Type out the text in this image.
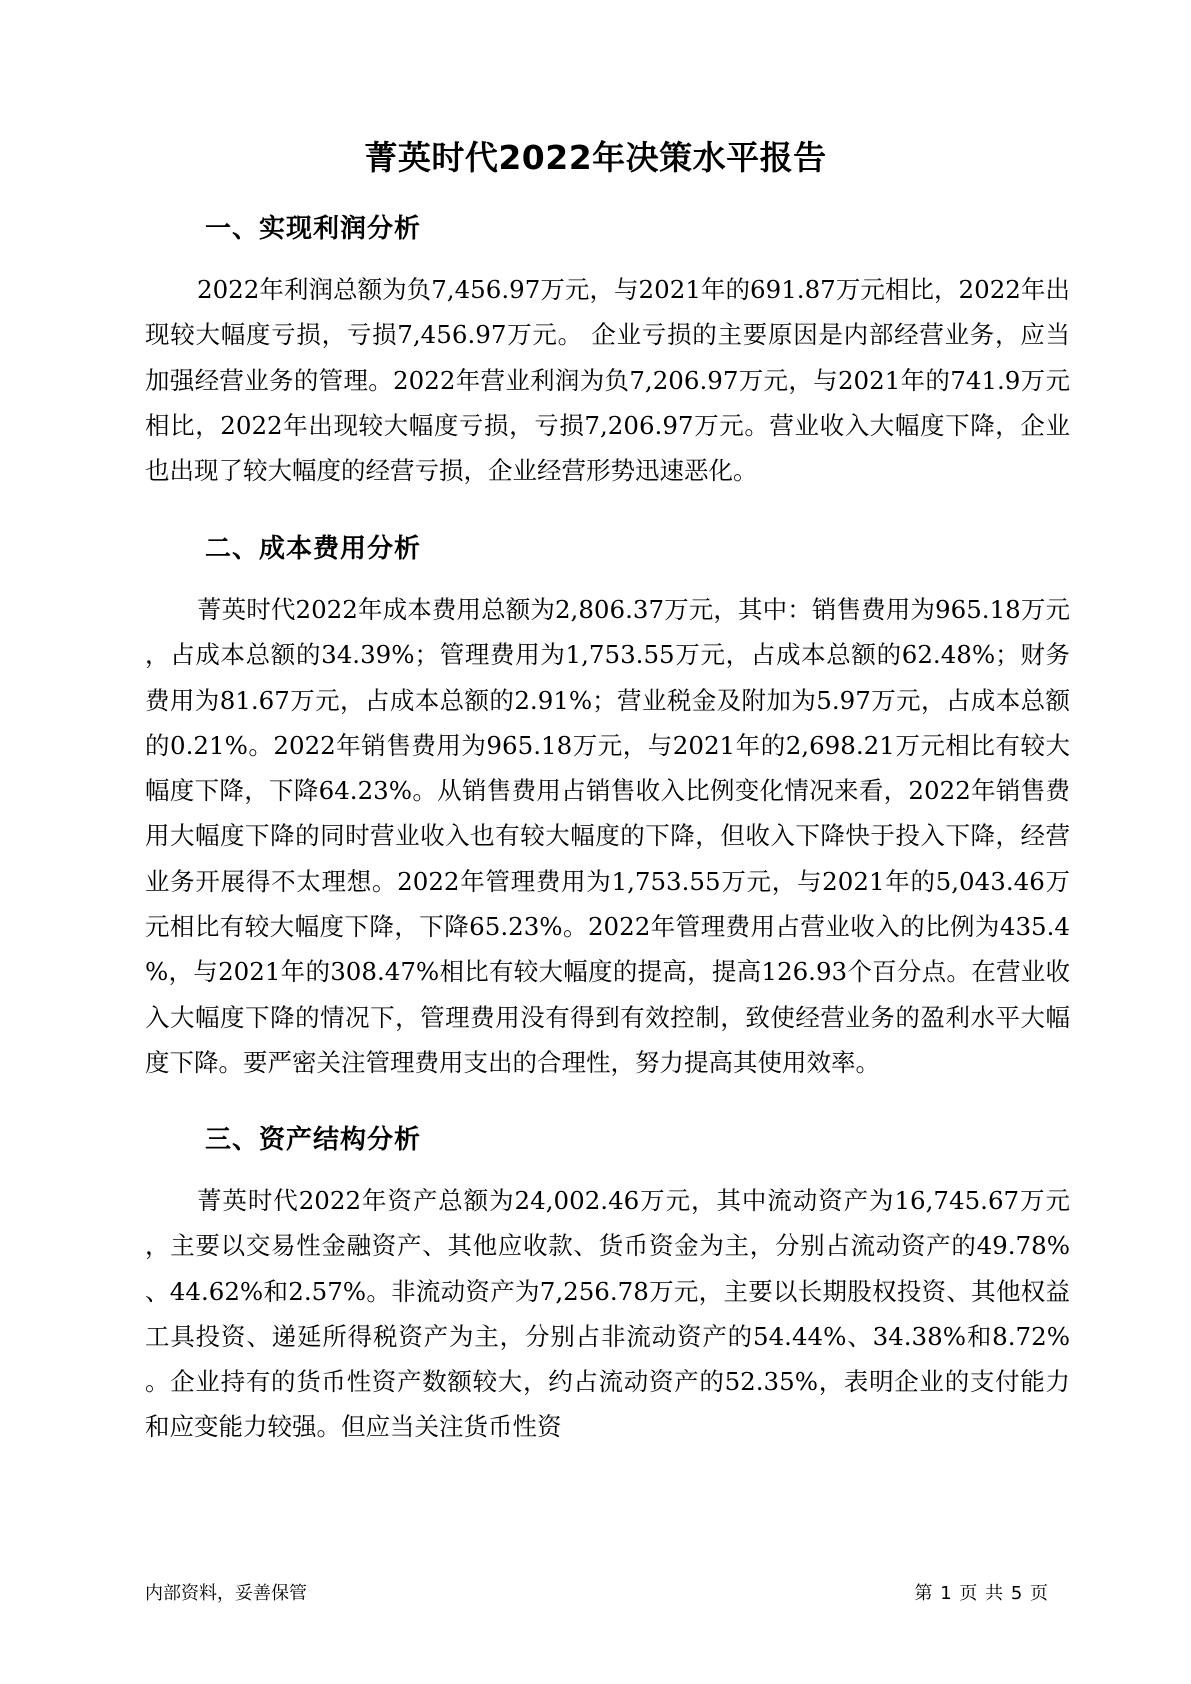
菁英时代2022年决策水平报告
一、实现利润分析

2022年利润总额为负7,456.97万元，与2021年的691.87万元相比，2022年出现较大幅度亏损，亏损7,456.97万元。 企业亏损的主要原因是内部经营业务，应当加强经营业务的管理。2022年营业利润为负7,206.97万元，与2021年的741.9万元相比，2022年出现较大幅度亏损，亏损7,206.97万元。营业收入大幅度下降，企业也出现了较大幅度的经营亏损，企业经营形势迅速恶化。

二、成本费用分析

菁英时代2022年成本费用总额为2,806.37万元，其中：销售费用为965.18万元，占成本总额的34.39%；管理费用为1,753.55万元，占成本总额的62.48%；财务费用为81.67万元，占成本总额的2.91%；营业税金及附加为5.97万元，占成本总额的0.21%。2022年销售费用为965.18万元，与2021年的2,698.21万元相比有较大幅度下降，下降64.23%。从销售费用占销售收入比例变化情况来看，2022年销售费用大幅度下降的同时营业收入也有较大幅度的下降，但收入下降快于投入下降，经营业务开展得不太理想。2022年管理费用为1,753.55万元，与2021年的5,043.46万元相比有较大幅度下降，下降65.23%。2022年管理费用占营业收入的比例为435.4%，与2021年的308.47%相比有较大幅度的提高，提高126.93个百分点。在营业收入大幅度下降的情况下，管理费用没有得到有效控制，致使经营业务的盈利水平大幅度下降。要严密关注管理费用支出的合理性，努力提高其使用效率。

三、资产结构分析

菁英时代2022年资产总额为24,002.46万元，其中流动资产为16,745.67万元，主要以交易性金融资产、其他应收款、货币资金为主，分别占流动资产的49.78%、44.62%和2.57%。非流动资产为7,256.78万元，主要以长期股权投资、其他权益工具投资、递延所得税资产为主，分别占非流动资产的54.44%、34.38%和8.72%。企业持有的货币性资产数额较大，约占流动资产的52.35%，表明企业的支付能力和应变能力较强。但应当关注货币性资

内部资料，妥善保管	第 1 页 共 5 页
